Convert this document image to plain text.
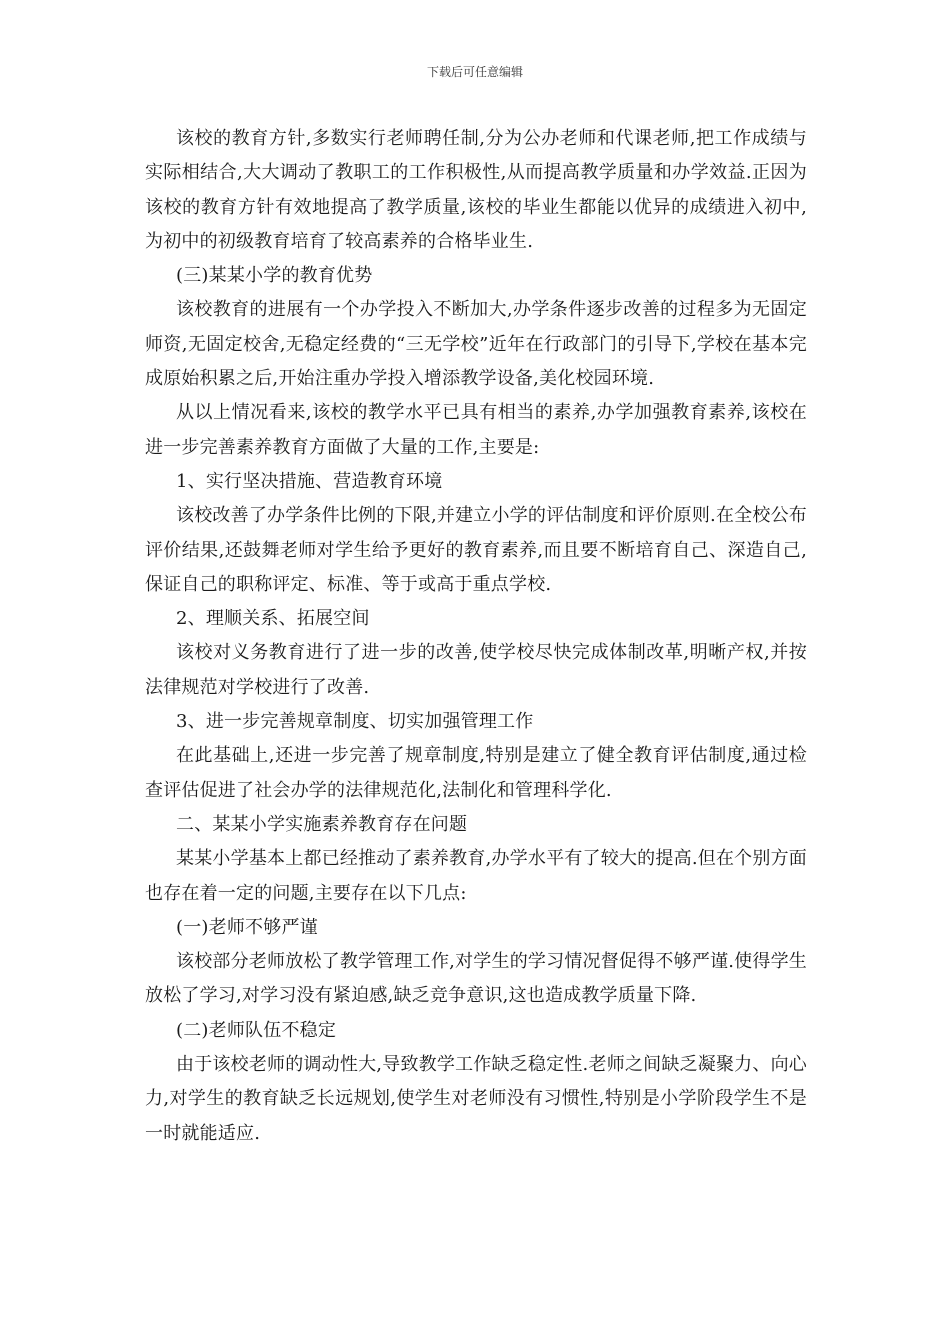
下载后可任意编辑

该校的教育方针,多数实行老师聘任制,分为公办老师和代课老师,把工作成绩与实际相结合,大大调动了教职工的工作积极性,从而提高教学质量和办学效益.正因为该校的教育方针有效地提高了教学质量,该校的毕业生都能以优异的成绩进入初中,为初中的初级教育培育了较高素养的合格毕业生.

(三)某某小学的教育优势

该校教育的进展有一个办学投入不断加大,办学条件逐步改善的过程多为无固定师资,无固定校舍,无稳定经费的“三无学校”近年在行政部门的引导下,学校在基本完成原始积累之后,开始注重办学投入增添教学设备,美化校园环境.

从以上情况看来,该校的教学水平已具有相当的素养,办学加强教育素养,该校在进一步完善素养教育方面做了大量的工作,主要是:

1、实行坚决措施、营造教育环境

该校改善了办学条件比例的下限,并建立小学的评估制度和评价原则.在全校公布评价结果,还鼓舞老师对学生给予更好的教育素养,而且要不断培育自己、深造自己,保证自己的职称评定、标准、等于或高于重点学校.

2、理顺关系、拓展空间

该校对义务教育进行了进一步的改善,使学校尽快完成体制改革,明晰产权,并按法律规范对学校进行了改善.

3、进一步完善规章制度、切实加强管理工作

在此基础上,还进一步完善了规章制度,特别是建立了健全教育评估制度,通过检查评估促进了社会办学的法律规范化,法制化和管理科学化.

二、某某小学实施素养教育存在问题

某某小学基本上都已经推动了素养教育,办学水平有了较大的提高.但在个别方面也存在着一定的问题,主要存在以下几点:

(一)老师不够严谨

该校部分老师放松了教学管理工作,对学生的学习情况督促得不够严谨.使得学生放松了学习,对学习没有紧迫感,缺乏竞争意识,这也造成教学质量下降.

(二)老师队伍不稳定

由于该校老师的调动性大,导致教学工作缺乏稳定性.老师之间缺乏凝聚力、向心力,对学生的教育缺乏长远规划,使学生对老师没有习惯性,特别是小学阶段学生不是一时就能适应.
